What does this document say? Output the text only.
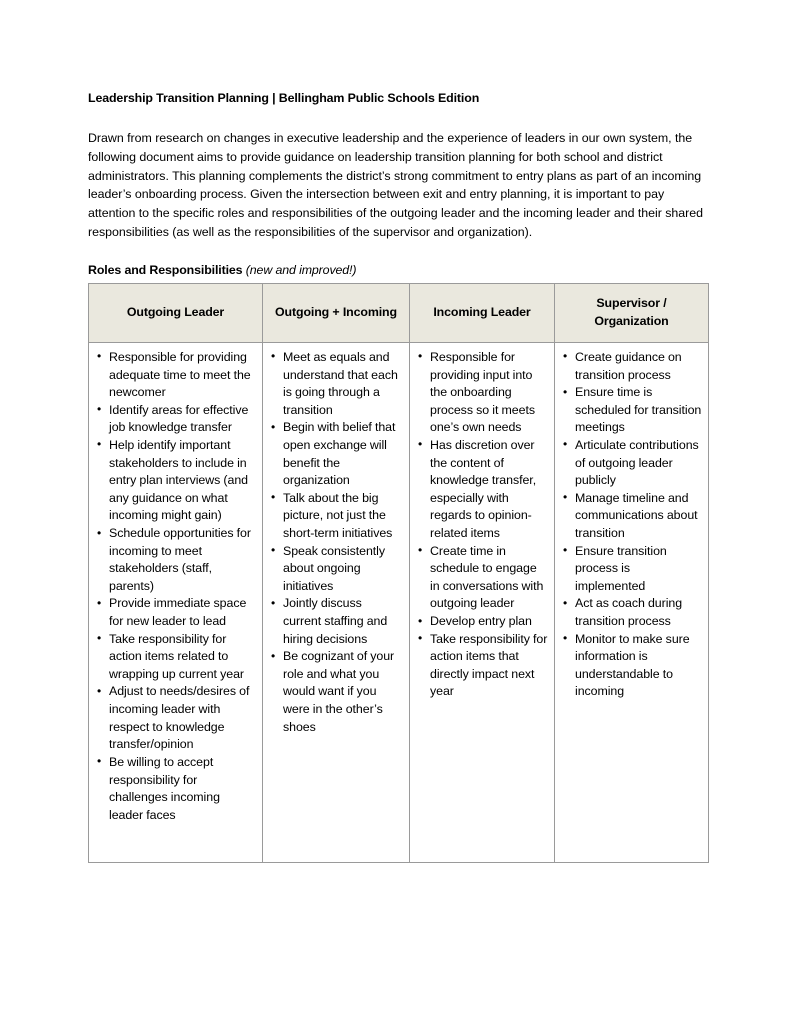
Leadership Transition Planning | Bellingham Public Schools Edition

Drawn from research on changes in executive leadership and the experience of leaders in our own system, the following document aims to provide guidance on leadership transition planning for both school and district administrators. This planning complements the district’s strong commitment to entry plans as part of an incoming leader’s onboarding process. Given the intersection between exit and entry planning, it is important to pay attention to the specific roles and responsibilities of the outgoing leader and the incoming leader and their shared responsibilities (as well as the responsibilities of the supervisor and organization).

Roles and Responsibilities (new and improved!)

Outgoing Leader	Outgoing + Incoming	Incoming Leader	Supervisor / Organization

• Responsible for providing adequate time to meet the newcomer
• Identify areas for effective job knowledge transfer
• Help identify important stakeholders to include in entry plan interviews (and any guidance on what incoming might gain)
• Schedule opportunities for incoming to meet stakeholders (staff, parents)
• Provide immediate space for new leader to lead
• Take responsibility for action items related to wrapping up current year
• Adjust to needs/desires of incoming leader with respect to knowledge transfer/opinion
• Be willing to accept responsibility for challenges incoming leader faces

• Meet as equals and understand that each is going through a transition
• Begin with belief that open exchange will benefit the organization
• Talk about the big picture, not just the short-term initiatives
• Speak consistently about ongoing initiatives
• Jointly discuss current staffing and hiring decisions
• Be cognizant of your role and what you would want if you were in the other’s shoes

• Responsible for providing input into the onboarding process so it meets one’s own needs
• Has discretion over the content of knowledge transfer, especially with regards to opinion-related items
• Create time in schedule to engage in conversations with outgoing leader
• Develop entry plan
• Take responsibility for action items that directly impact next year

• Create guidance on transition process
• Ensure time is scheduled for transition meetings
• Articulate contributions of outgoing leader publicly
• Manage timeline and communications about transition
• Ensure transition process is implemented
• Act as coach during transition process
• Monitor to make sure information is understandable to incoming
